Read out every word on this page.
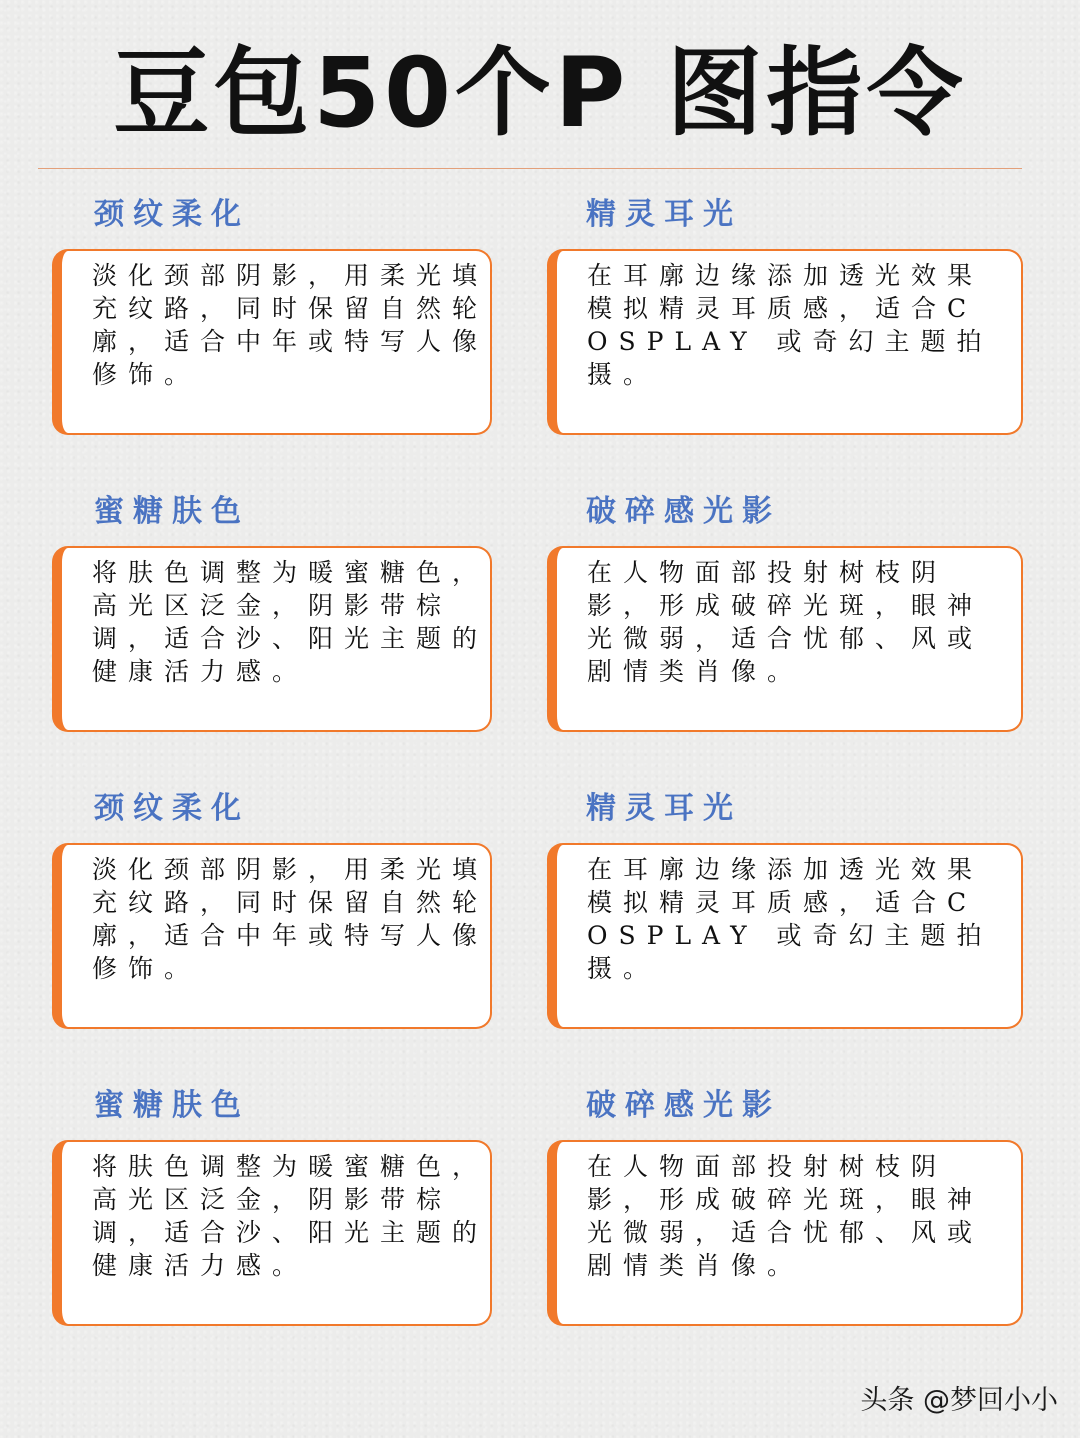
豆包50个P 图指令
颈纹柔化
淡化颈部阴影，用柔光填充纹路，同时保留自然轮廓，适合中年或特写人像修饰。
精灵耳光
在耳廓边缘添加透光效果模拟精灵耳质感，适合COSPLAY 或奇幻主题拍摄。
蜜糖肤色
将肤色调整为暖蜜糖色，高光区泛金，阴影带棕调，适合沙、阳光主题的健康活力感。
破碎感光影
在人物面部投射树枝阴影，形成破碎光斑，眼神光微弱，适合忧郁、风或剧情类肖像。
颈纹柔化
淡化颈部阴影，用柔光填充纹路，同时保留自然轮廓，适合中年或特写人像修饰。
精灵耳光
在耳廓边缘添加透光效果模拟精灵耳质感，适合COSPLAY 或奇幻主题拍摄。
蜜糖肤色
将肤色调整为暖蜜糖色，高光区泛金，阴影带棕调，适合沙、阳光主题的健康活力感。
破碎感光影
在人物面部投射树枝阴影，形成破碎光斑，眼神光微弱，适合忧郁、风或剧情类肖像。
头条 @梦回小小
